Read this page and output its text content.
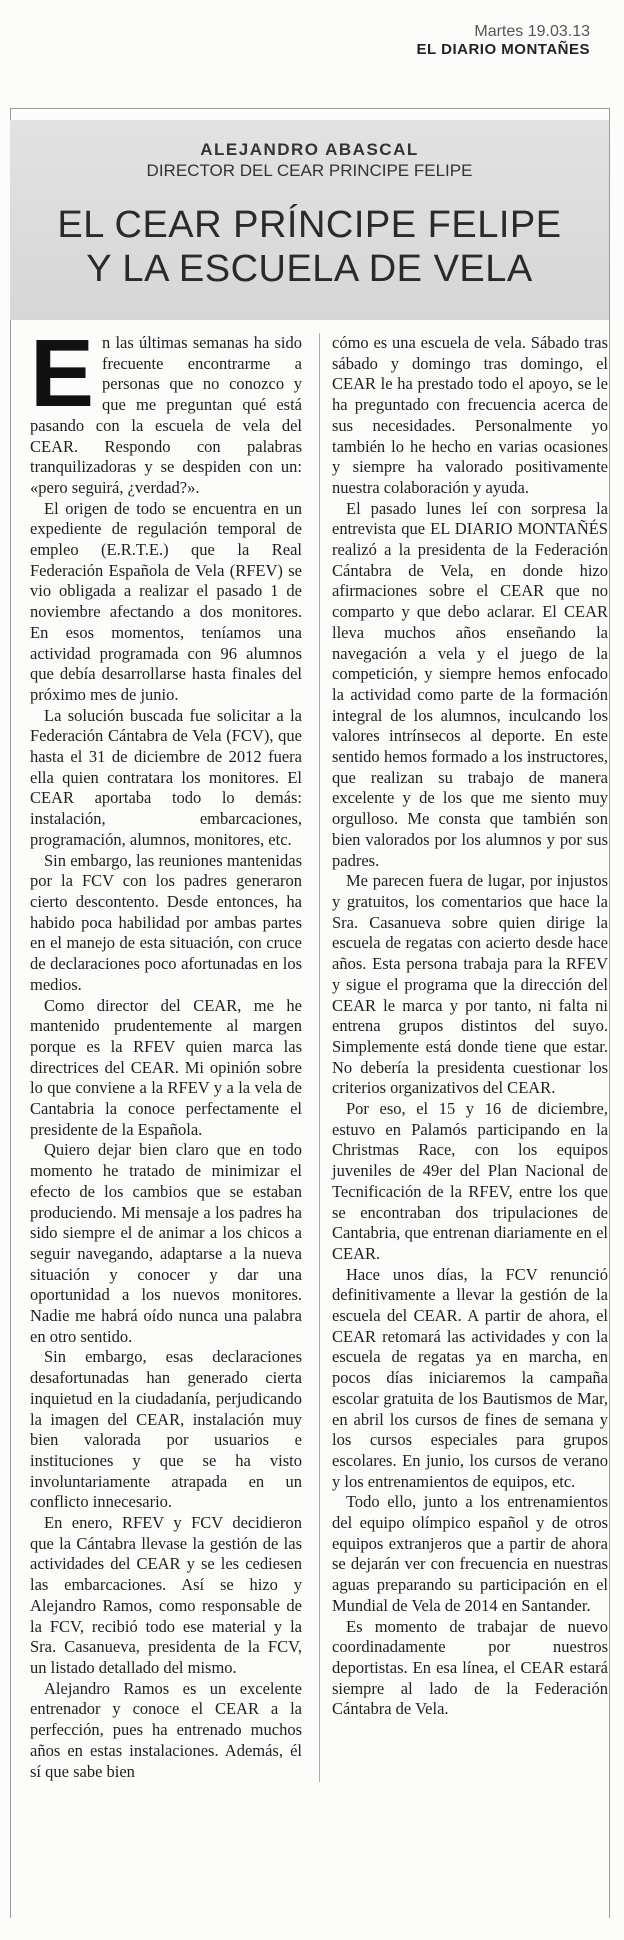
Martes 19.03.13
EL DIARIO MONTAÑES
ALEJANDRO ABASCAL
DIRECTOR DEL CEAR PRINCIPE FELIPE
EL CEAR PRÍNCIPE FELIPE
Y LA ESCUELA DE VELA

En las últimas semanas ha sido frecuente encontrarme a personas que no conozco y que me preguntan qué está pasando con la escuela de vela del CEAR. Respondo con palabras tranquilizadoras y se despiden con un: «pero seguirá, ¿verdad?».

El origen de todo se encuentra en un expediente de regulación temporal de empleo (E.R.T.E.) que la Real Federación Española de Vela (RFEV) se vio obligada a realizar el pasado 1 de noviembre afectando a dos monitores. En esos momentos, teníamos una actividad programada con 96 alumnos que debía desarrollarse hasta finales del próximo mes de junio.

La solución buscada fue solicitar a la Federación Cántabra de Vela (FCV), que hasta el 31 de diciembre de 2012 fuera ella quien contratara los monitores. El CEAR aportaba todo lo demás: instalación, embarcaciones, programación, alumnos, monitores, etc.

Sin embargo, las reuniones mantenidas por la FCV con los padres generaron cierto descontento. Desde entonces, ha habido poca habilidad por ambas partes en el manejo de esta situación, con cruce de declaraciones poco afortunadas en los medios.

Como director del CEAR, me he mantenido prudentemente al margen porque es la RFEV quien marca las directrices del CEAR. Mi opinión sobre lo que conviene a la RFEV y a la vela de Cantabria la conoce perfectamente el presidente de la Española.

Quiero dejar bien claro que en todo momento he tratado de minimizar el efecto de los cambios que se estaban produciendo. Mi mensaje a los padres ha sido siempre el de animar a los chicos a seguir navegando, adaptarse a la nueva situación y conocer y dar una oportunidad a los nuevos monitores. Nadie me habrá oído nunca una palabra en otro sentido.

Sin embargo, esas declaraciones desafortunadas han generado cierta inquietud en la ciudadanía, perjudicando la imagen del CEAR, instalación muy bien valorada por usuarios e instituciones y que se ha visto involuntariamente atrapada en un conflicto innecesario.

En enero, RFEV y FCV decidieron que la Cántabra llevase la gestión de las actividades del CEAR y se les cediesen las embarcaciones. Así se hizo y Alejandro Ramos, como responsable de la FCV, recibió todo ese material y la Sra. Casanueva, presidenta de la FCV, un listado detallado del mismo.

Alejandro Ramos es un excelente entrenador y conoce el CEAR a la perfección, pues ha entrenado muchos años en estas instalaciones. Además, él sí que sabe bien

cómo es una escuela de vela. Sábado tras sábado y domingo tras domingo, el CEAR le ha prestado todo el apoyo, se le ha preguntado con frecuencia acerca de sus necesidades. Personalmente yo también lo he hecho en varias ocasiones y siempre ha valorado positivamente nuestra colaboración y ayuda.

El pasado lunes leí con sorpresa la entrevista que EL DIARIO MONTAÑÉS realizó a la presidenta de la Federación Cántabra de Vela, en donde hizo afirmaciones sobre el CEAR que no comparto y que debo aclarar. El CEAR lleva muchos años enseñando la navegación a vela y el juego de la competición, y siempre hemos enfocado la actividad como parte de la formación integral de los alumnos, inculcando los valores intrínsecos al deporte. En este sentido hemos formado a los instructores, que realizan su trabajo de manera excelente y de los que me siento muy orgulloso. Me consta que también son bien valorados por los alumnos y por sus padres.

Me parecen fuera de lugar, por injustos y gratuitos, los comentarios que hace la Sra. Casanueva sobre quien dirige la escuela de regatas con acierto desde hace años. Esta persona trabaja para la RFEV y sigue el programa que la dirección del CEAR le marca y por tanto, ni falta ni entrena grupos distintos del suyo. Simplemente está donde tiene que estar. No debería la presidenta cuestionar los criterios organizativos del CEAR.

Por eso, el 15 y 16 de diciembre, estuvo en Palamós participando en la Christmas Race, con los equipos juveniles de 49er del Plan Nacional de Tecnificación de la RFEV, entre los que se encontraban dos tripulaciones de Cantabria, que entrenan diariamente en el CEAR.

Hace unos días, la FCV renunció definitivamente a llevar la gestión de la escuela del CEAR. A partir de ahora, el CEAR retomará las actividades y con la escuela de regatas ya en marcha, en pocos días iniciaremos la campaña escolar gratuita de los Bautismos de Mar, en abril los cursos de fines de semana y los cursos especiales para grupos escolares. En junio, los cursos de verano y los entrenamientos de equipos, etc.

Todo ello, junto a los entrenamientos del equipo olímpico español y de otros equipos extranjeros que a partir de ahora se dejarán ver con frecuencia en nuestras aguas preparando su participación en el Mundial de Vela de 2014 en Santander.

Es momento de trabajar de nuevo coordinadamente por nuestros deportistas. En esa línea, el CEAR estará siempre al lado de la Federación Cántabra de Vela.
